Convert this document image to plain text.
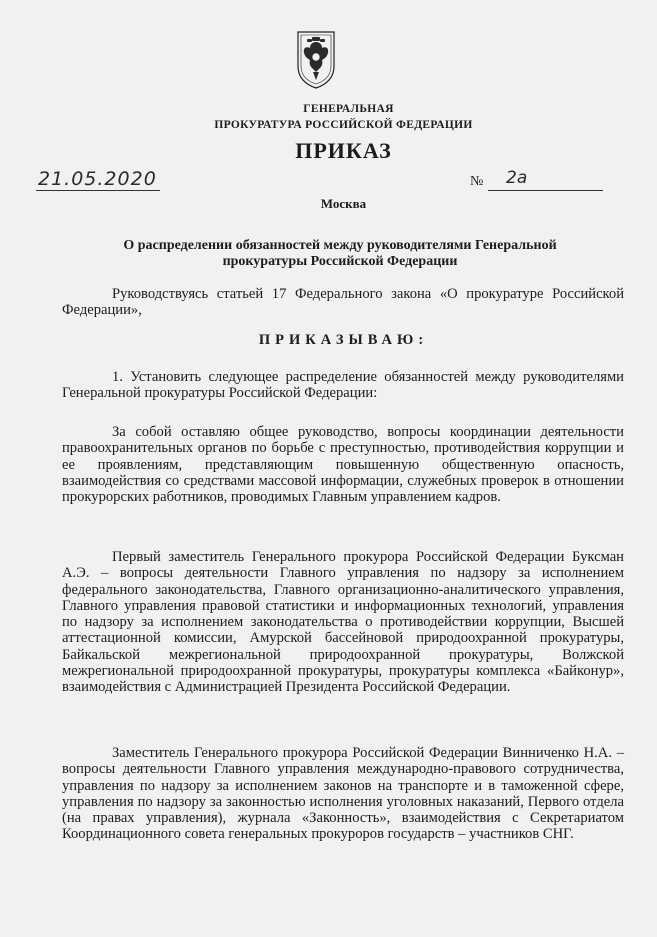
ГЕНЕРАЛЬНАЯ
ПРОКУРАТУРА РОССИЙСКОЙ ФЕДЕРАЦИИ
ПРИКАЗ
21.05.2020	№ 2а
Москва
О распределении обязанностей между руководителями Генеральной прокуратуры Российской Федерации
Руководствуясь статьей 17 Федерального закона «О прокуратуре Российской Федерации»,
ПРИКАЗЫВАЮ:
1. Установить следующее распределение обязанностей между руководителями Генеральной прокуратуры Российской Федерации:
За собой оставляю общее руководство, вопросы координации деятельности правоохранительных органов по борьбе с преступностью, противодействия коррупции и ее проявлениям, представляющим повышенную общественную опасность, взаимодействия со средствами массовой информации, служебных проверок в отношении прокурорских работников, проводимых Главным управлением кадров.
Первый заместитель Генерального прокурора Российской Федерации Буксман А.Э. – вопросы деятельности Главного управления по надзору за исполнением федерального законодательства, Главного организационно-аналитического управления, Главного управления правовой статистики и информационных технологий, управления по надзору за исполнением законодательства о противодействии коррупции, Высшей аттестационной комиссии, Амурской бассейновой природоохранной прокуратуры, Байкальской межрегиональной природоохранной прокуратуры, Волжской межрегиональной природоохранной прокуратуры, прокуратуры комплекса «Байконур», взаимодействия с Администрацией Президента Российской Федерации.
Заместитель Генерального прокурора Российской Федерации Винниченко Н.А. – вопросы деятельности Главного управления международно-правового сотрудничества, управления по надзору за исполнением законов на транспорте и в таможенной сфере, управления по надзору за законностью исполнения уголовных наказаний, Первого отдела (на правах управления), журнала «Законность», взаимодействия с Секретариатом Координационного совета генеральных прокуроров государств – участников СНГ.
